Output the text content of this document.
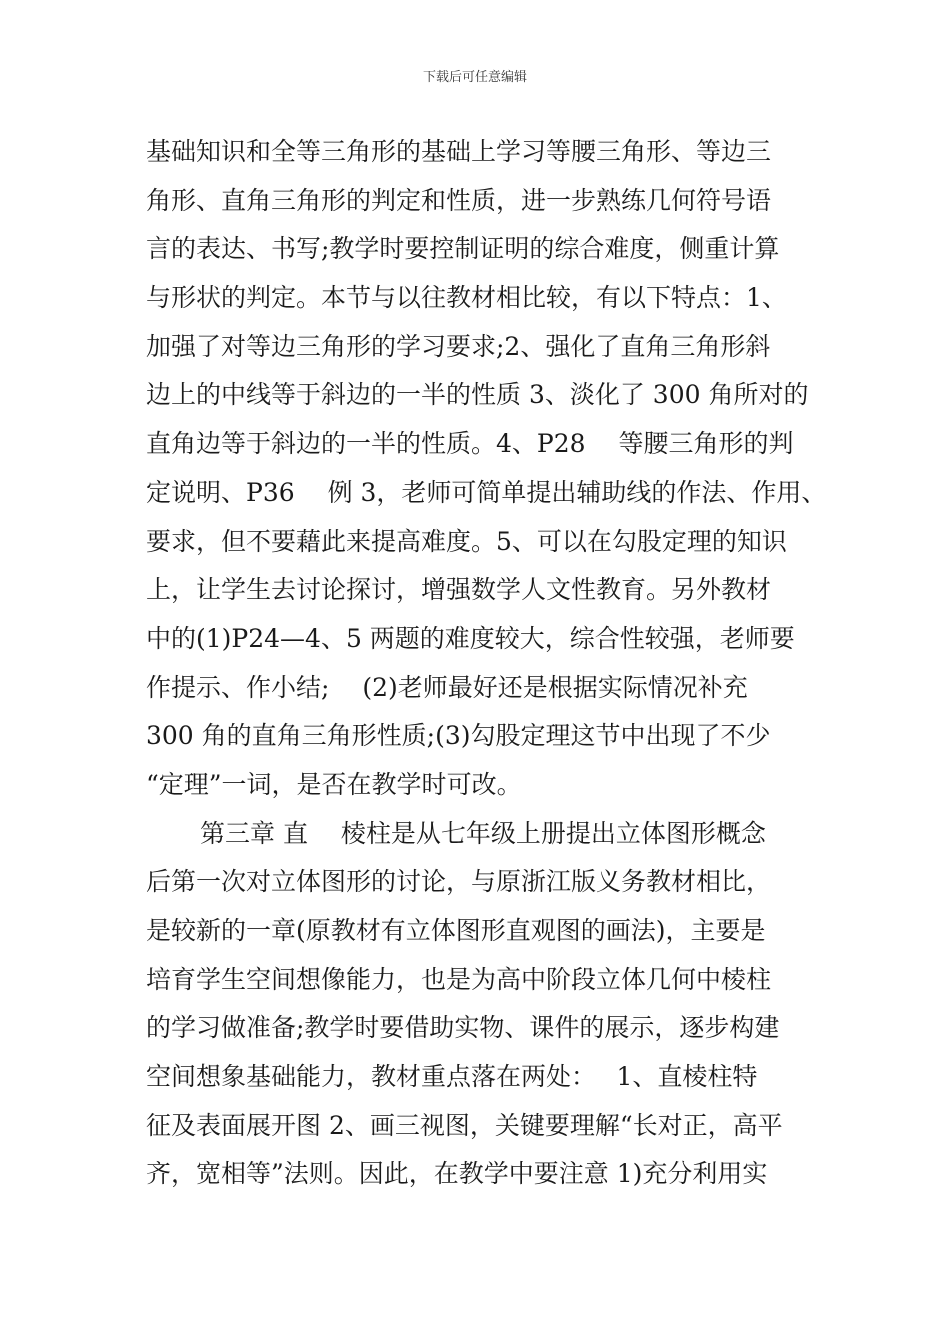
下载后可任意编辑
基础知识和全等三角形的基础上学习等腰三角形、等边三
角形、直角三角形的判定和性质，进一步熟练几何符号语
言的表达、书写;教学时要控制证明的综合难度，侧重计算
与形状的判定。本节与以往教材相比较，有以下特点：1、
加强了对等边三角形的学习要求;2、强化了直角三角形斜
边上的中线等于斜边的一半的性质 3、淡化了 300 角所对的
直角边等于斜边的一半的性质。4、P28　 等腰三角形的判
定说明、P36　 例 3，老师可简单提出辅助线的作法、作用、
要求，但不要藉此来提高难度。5、可以在勾股定理的知识
上，让学生去讨论探讨，增强数学人文性教育。另外教材
中的(1)P24—4、5 两题的难度较大，综合性较强，老师要
作提示、作小结;　 (2)老师最好还是根据实际情况补充
300 角的直角三角形性质;(3)勾股定理这节中出现了不少
“定理”一词，是否在教学时可改。
第三章 直　 棱柱是从七年级上册提出立体图形概念
后第一次对立体图形的讨论，与原浙江版义务教材相比，
是较新的一章(原教材有立体图形直观图的画法)，主要是
培育学生空间想像能力，也是为高中阶段立体几何中棱柱
的学习做准备;教学时要借助实物、课件的展示，逐步构建
空间想象基础能力，教材重点落在两处：　 1、直棱柱特
征及表面展开图 2、画三视图，关键要理解“长对正，高平
齐，宽相等”法则。因此，在教学中要注意 1)充分利用实
